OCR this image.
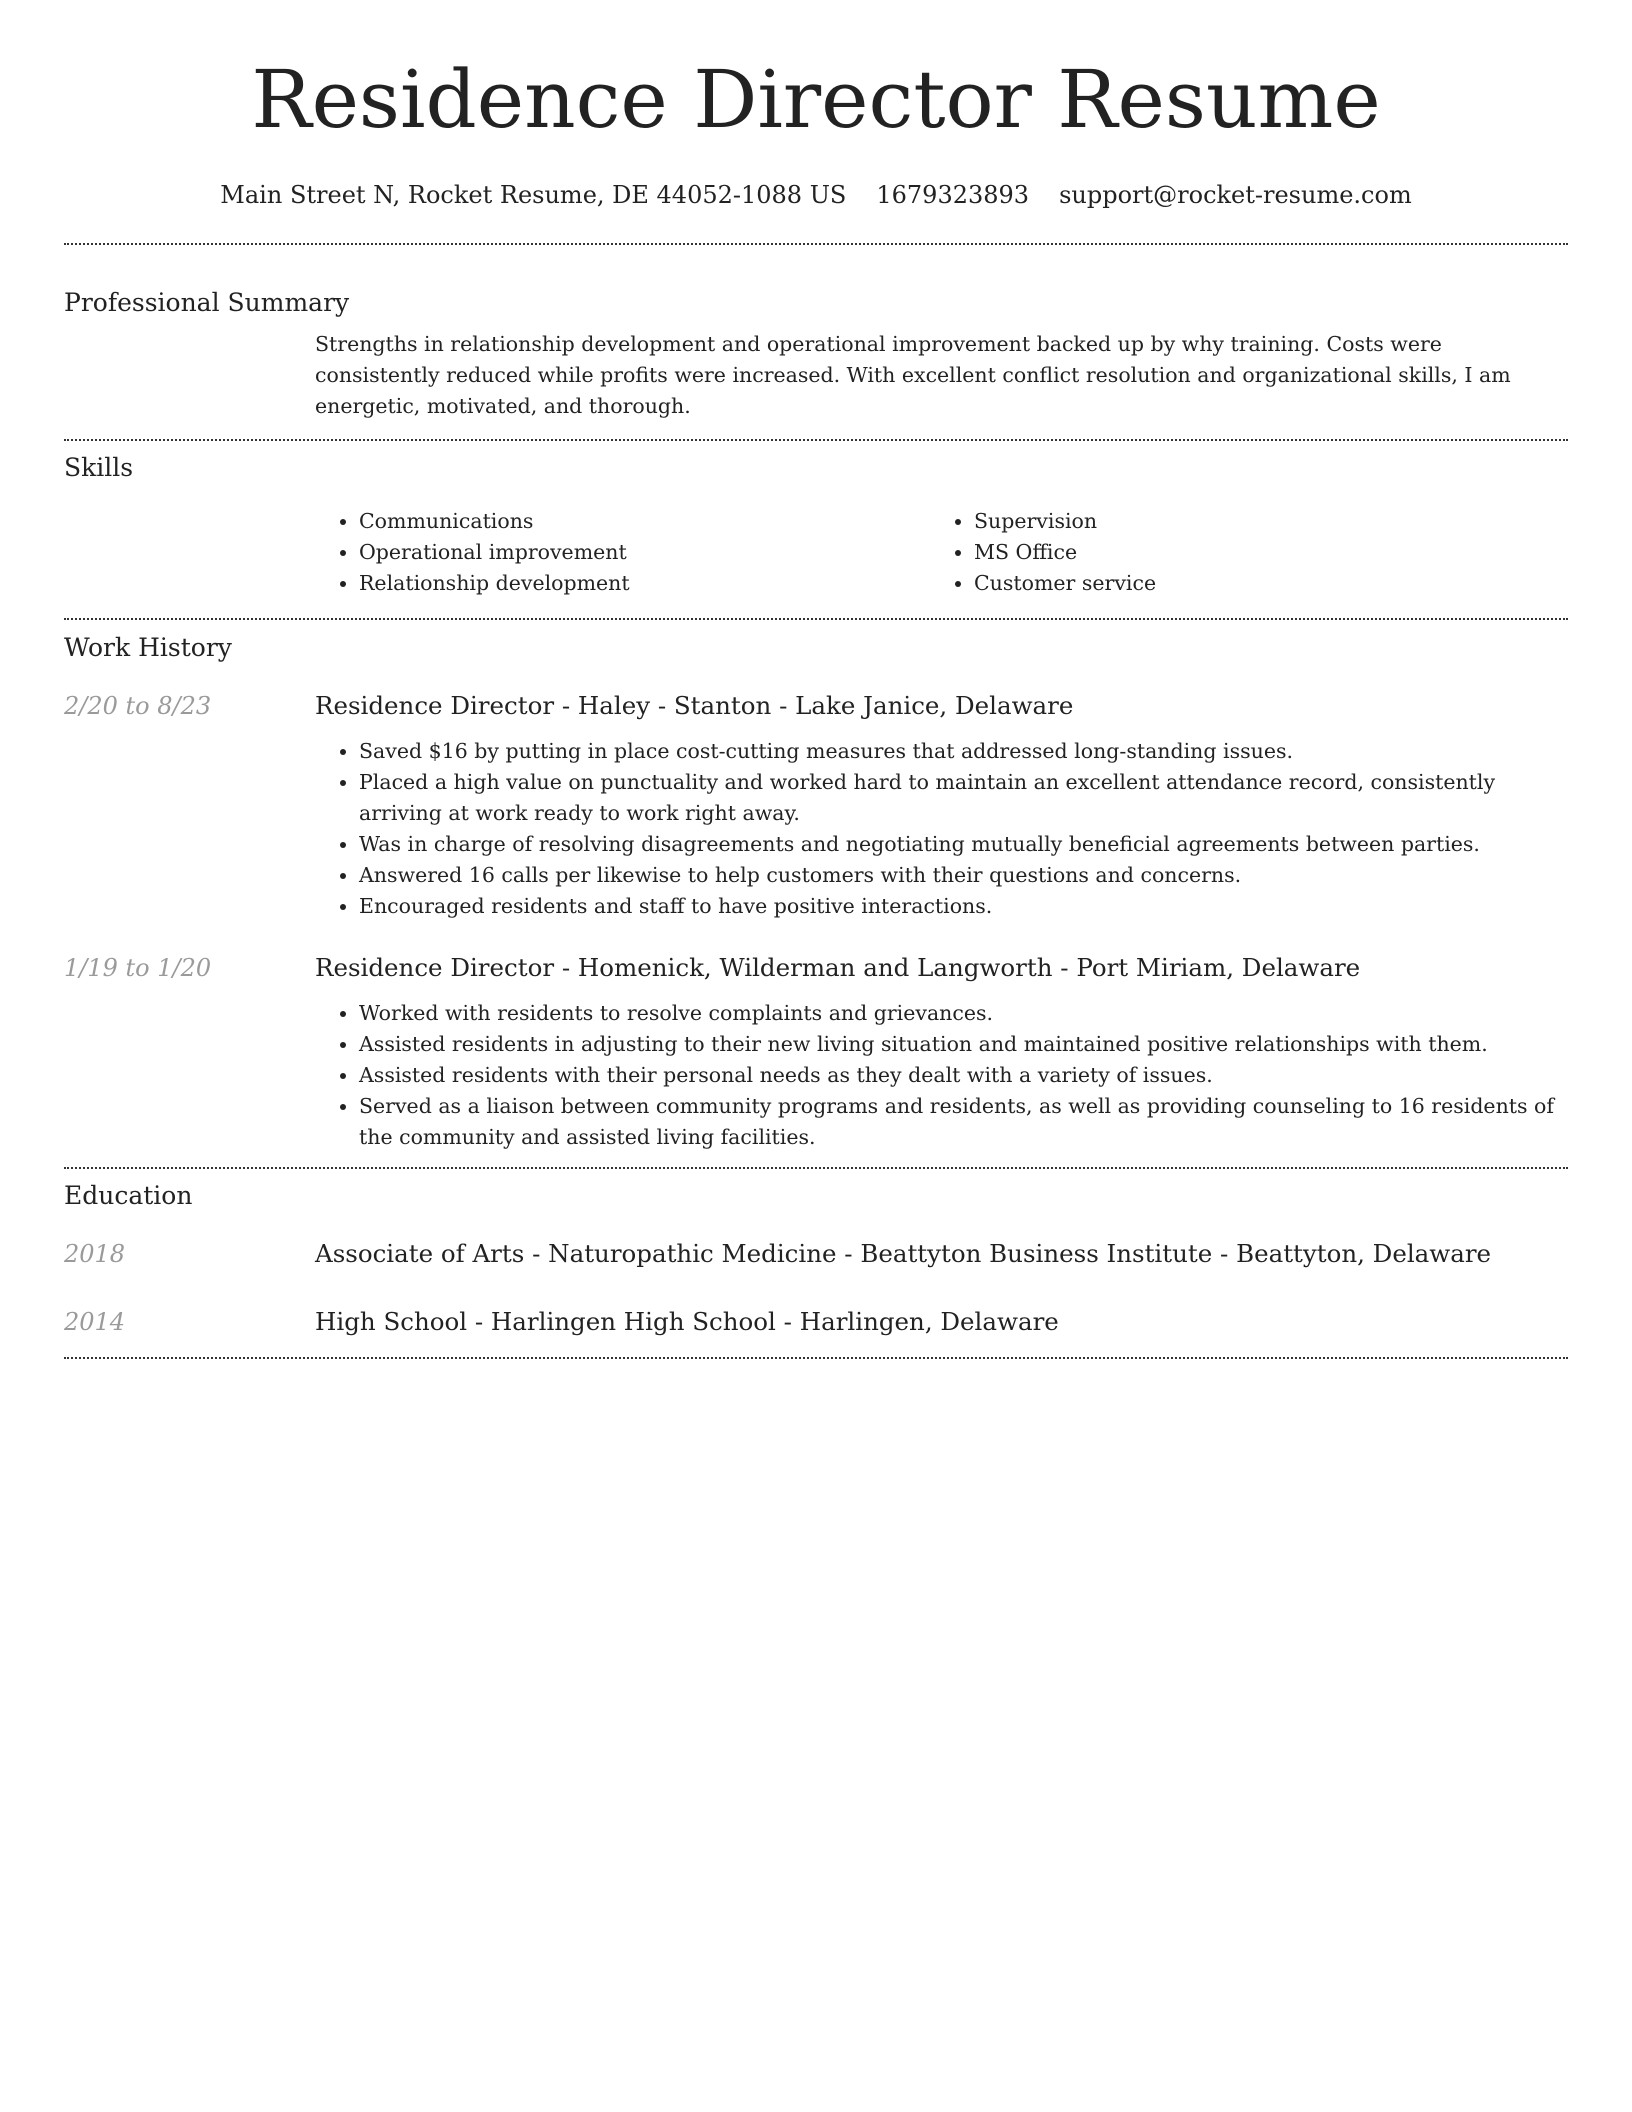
Residence Director Resume
Main Street N, Rocket Resume, DE 44052-1088 US 1679323893 support@rocket-resume.com
Professional Summary

Strengths in relationship development and operational improvement backed up by why training. Costs were consistently reduced while profits were increased. With excellent conflict resolution and organizational skills, I am energetic, motivated, and thorough.

Skills
• Communications
• Operational improvement
• Relationship development
• Supervision
• MS Office
• Customer service
Work History
2/20 to 8/23	Residence Director - Haley - Stanton - Lake Janice, Delaware
• Saved $16 by putting in place cost-cutting measures that addressed long-standing issues.
• Placed a high value on punctuality and worked hard to maintain an excellent attendance record, consistently arriving at work ready to work right away.
• Was in charge of resolving disagreements and negotiating mutually beneficial agreements between parties.
• Answered 16 calls per likewise to help customers with their questions and concerns.
• Encouraged residents and staff to have positive interactions.
1/19 to 1/20	Residence Director - Homenick, Wilderman and Langworth - Port Miriam, Delaware
• Worked with residents to resolve complaints and grievances.
• Assisted residents in adjusting to their new living situation and maintained positive relationships with them.
• Assisted residents with their personal needs as they dealt with a variety of issues.
• Served as a liaison between community programs and residents, as well as providing counseling to 16 residents of the community and assisted living facilities.
Education
2018	Associate of Arts - Naturopathic Medicine - Beattyton Business Institute - Beattyton, Delaware
2014	High School - Harlingen High School - Harlingen, Delaware
